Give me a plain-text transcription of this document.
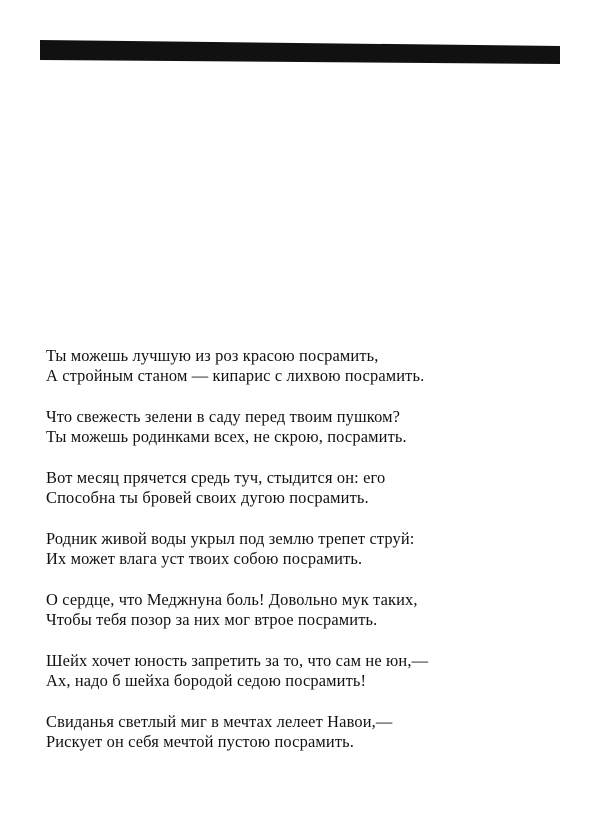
Ты можешь лучшую из роз красою посрамить,
А стройным станом — кипарис с лихвою посрамить.
Что свежесть зелени в саду перед твоим пушком?
Ты можешь родинками всех, не скрою, посрамить.
Вот месяц прячется средь туч, стыдится он: его
Способна ты бровей своих дугою посрамить.
Родник живой воды укрыл под землю трепет струй:
Их может влага уст твоих собою посрамить.
О сердце, что Меджнуна боль! Довольно мук таких,
Чтобы тебя позор за них мог втрое посрамить.
Шейх хочет юность запретить за то, что сам не юн,—
Ах, надо б шейха бородой седою посрамить!
Свиданья светлый миг в мечтах лелеет Навои,—
Рискует он себя мечтой пустою посрамить.
